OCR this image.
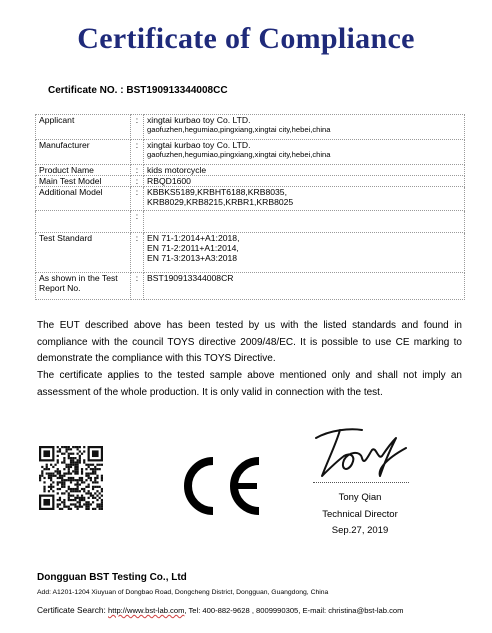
Certificate of Compliance
Certificate NO. : BST190913344008CC
Applicant	:	xingtai kurbao toy Co. LTD.
gaofuzhen,hegumiao,pingxiang,xingtai city,hebei,china

Manufacturer	:	xingtai kurbao toy Co. LTD.
gaofuzhen,hegumiao,pingxiang,xingtai city,hebei,china

Product Name	:	kids motorcycle

Main Test Model	:	RBQD1600

Additional Model	:	KBBKS5189,KRBHT6188,KRB8035,
KRB8029,KRB8215,KRBR1,KRB8025

	:	
Test Standard	:	EN 71-1:2014+A1:2018,
EN 71-2:2011+A1:2014,
EN 71-3:2013+A3:2018

As shown in the Test Report No.	:	BST190913344008CR
The EUT described above has been tested by us with the listed standards and found in compliance with the council TOYS directive 2009/48/EC. It is possible to use CE marking to demonstrate the compliance with this TOYS Directive.
The certificate applies to the tested sample above mentioned only and shall not imply an assessment of the whole production. It is only valid in connection with the test.
Tony Qian
Technical Director
Sep.27, 2019
Dongguan BST Testing Co., Ltd
Add: A1201-1204 Xiuyuan of Dongbao Road, Dongcheng District, Dongguan, Guangdong, China
Certificate Search: http://www.bst-lab.com, Tel: 400-882-9628 , 8009990305, E-mail: christina@bst-lab.com
